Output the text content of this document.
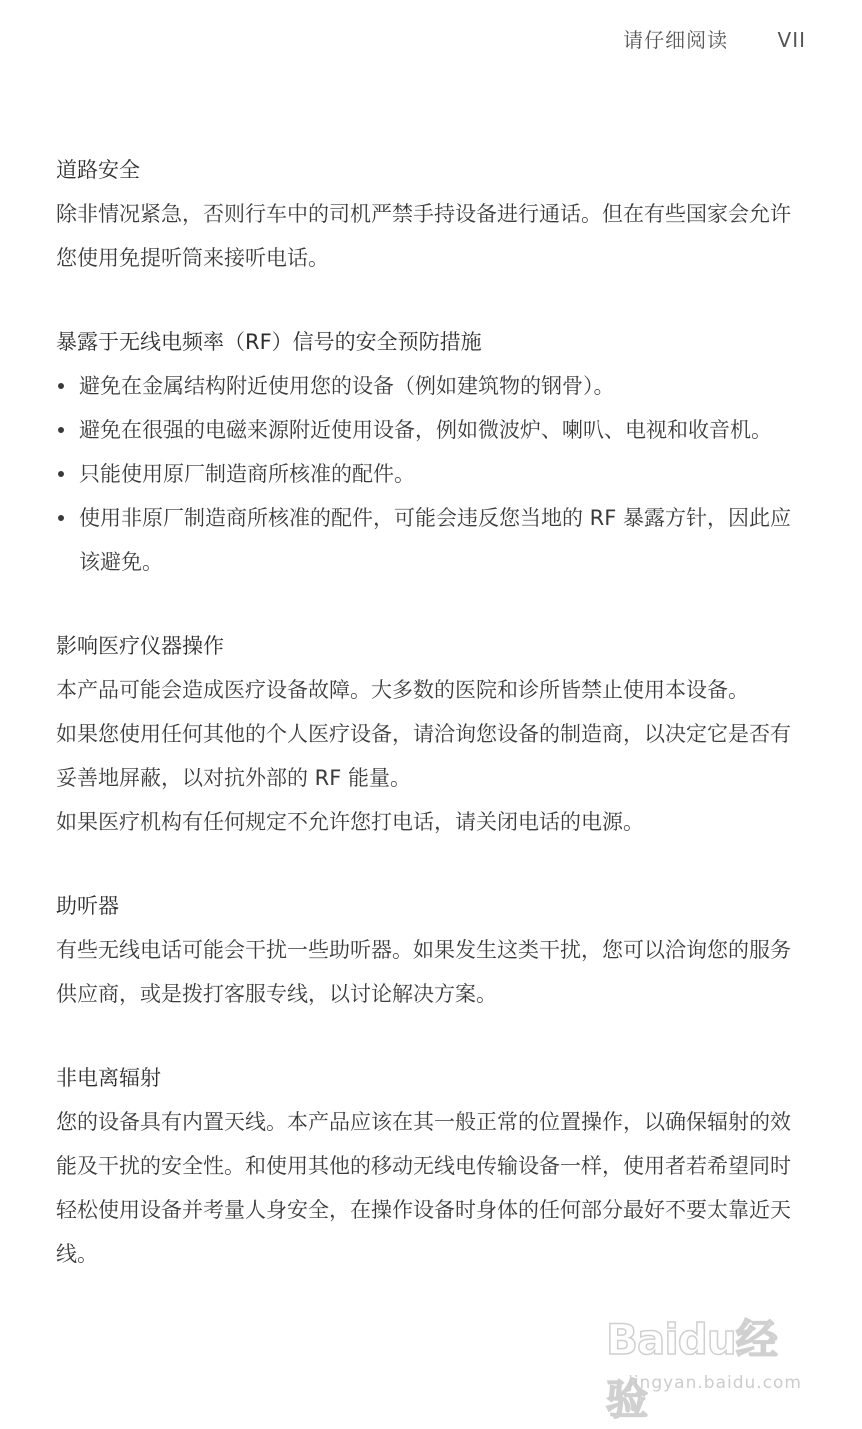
请仔细阅读 VII
道路安全
除非情况紧急，否则行车中的司机严禁手持设备进行通话。但在有些国家会允许您使用免提听筒来接听电话。
暴露于无线电频率（RF）信号的安全预防措施
避免在金属结构附近使用您的设备（例如建筑物的钢骨）。
避免在很强的电磁来源附近使用设备，例如微波炉、喇叭、电视和收音机。
只能使用原厂制造商所核准的配件。
使用非原厂制造商所核准的配件，可能会违反您当地的 RF 暴露方针，因此应该避免。
影响医疗仪器操作
本产品可能会造成医疗设备故障。大多数的医院和诊所皆禁止使用本设备。
如果您使用任何其他的个人医疗设备，请洽询您设备的制造商，以决定它是否有妥善地屏蔽，以对抗外部的 RF 能量。
如果医疗机构有任何规定不允许您打电话，请关闭电话的电源。
助听器
有些无线电话可能会干扰一些助听器。如果发生这类干扰，您可以洽询您的服务供应商，或是拨打客服专线，以讨论解决方案。
非电离辐射
您的设备具有内置天线。本产品应该在其一般正常的位置操作，以确保辐射的效能及干扰的安全性。和使用其他的移动无线电传输设备一样，使用者若希望同时轻松使用设备并考量人身安全，在操作设备时身体的任何部分最好不要太靠近天线。
Baidu经验
jingyan.baidu.com
